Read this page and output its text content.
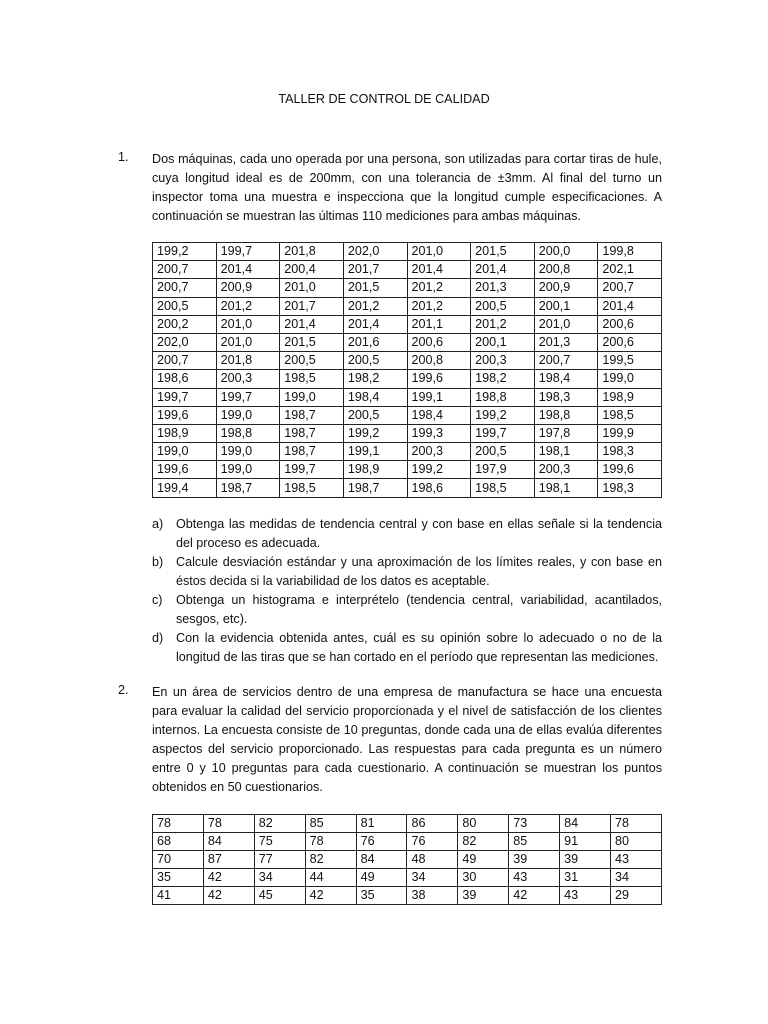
TALLER DE CONTROL DE CALIDAD
1. Dos máquinas, cada uno operada por una persona, son utilizadas para cortar tiras de hule, cuya longitud ideal es de 200mm, con una tolerancia de ±3mm. Al final del turno un inspector toma una muestra e inspecciona que la longitud cumple especificaciones. A continuación se muestran las últimas 110 mediciones para ambas máquinas.
199,2	199,7	201,8	202,0	201,0	201,5	200,0	199,8
200,7	201,4	200,4	201,7	201,4	201,4	200,8	202,1
200,7	200,9	201,0	201,5	201,2	201,3	200,9	200,7
200,5	201,2	201,7	201,2	201,2	200,5	200,1	201,4
200,2	201,0	201,4	201,4	201,1	201,2	201,0	200,6
202,0	201,0	201,5	201,6	200,6	200,1	201,3	200,6
200,7	201,8	200,5	200,5	200,8	200,3	200,7	199,5
198,6	200,3	198,5	198,2	199,6	198,2	198,4	199,0
199,7	199,7	199,0	198,4	199,1	198,8	198,3	198,9
199,6	199,0	198,7	200,5	198,4	199,2	198,8	198,5
198,9	198,8	198,7	199,2	199,3	199,7	197,8	199,9
199,0	199,0	198,7	199,1	200,3	200,5	198,1	198,3
199,6	199,0	199,7	198,9	199,2	197,9	200,3	199,6
199,4	198,7	198,5	198,7	198,6	198,5	198,1	198,3
a) Obtenga las medidas de tendencia central y con base en ellas señale si la tendencia del proceso es adecuada.
b) Calcule desviación estándar y una aproximación de los límites reales, y con base en éstos decida si la variabilidad de los datos es aceptable.
c) Obtenga un histograma e interprételo (tendencia central, variabilidad, acantilados, sesgos, etc).
d) Con la evidencia obtenida antes, cuál es su opinión sobre lo adecuado o no de la longitud de las tiras que se han cortado en el período que representan las mediciones.
2. En un área de servicios dentro de una empresa de manufactura se hace una encuesta para evaluar la calidad del servicio proporcionada y el nivel de satisfacción de los clientes internos. La encuesta consiste de 10 preguntas, donde cada una de ellas evalúa diferentes aspectos del servicio proporcionado. Las respuestas para cada pregunta es un número entre 0 y 10 preguntas para cada cuestionario. A continuación se muestran los puntos obtenidos en 50 cuestionarios.
78	78	82	85	81	86	80	73	84	78
68	84	75	78	76	76	82	85	91	80
70	87	77	82	84	48	49	39	39	43
35	42	34	44	49	34	30	43	31	34
41	42	45	42	35	38	39	42	43	29
